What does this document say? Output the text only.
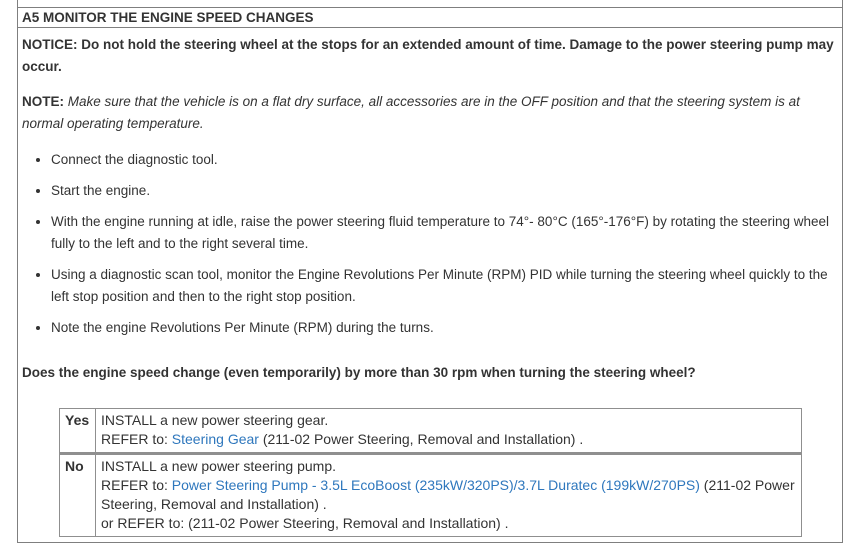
A5 MONITOR THE ENGINE SPEED CHANGES

NOTICE: Do not hold the steering wheel at the stops for an extended amount of time. Damage to the power steering pump may occur.

NOTE: Make sure that the vehicle is on a flat dry surface, all accessories are in the OFF position and that the steering system is at normal operating temperature.

• Connect the diagnostic tool.
• Start the engine.
• With the engine running at idle, raise the power steering fluid temperature to 74°- 80°C (165°-176°F) by rotating the steering wheel fully to the left and to the right several time.
• Using a diagnostic scan tool, monitor the Engine Revolutions Per Minute (RPM) PID while turning the steering wheel quickly to the left stop position and then to the right stop position.
• Note the engine Revolutions Per Minute (RPM) during the turns.

Does the engine speed change (even temporarily) by more than 30 rpm when turning the steering wheel?

Yes	INSTALL a new power steering gear.
REFER to: Steering Gear (211-02 Power Steering, Removal and Installation) .

No	INSTALL a new power steering pump.
REFER to: Power Steering Pump - 3.5L EcoBoost (235kW/320PS)/3.7L Duratec (199kW/270PS) (211-02 Power Steering, Removal and Installation) .
or REFER to: (211-02 Power Steering, Removal and Installation) .
